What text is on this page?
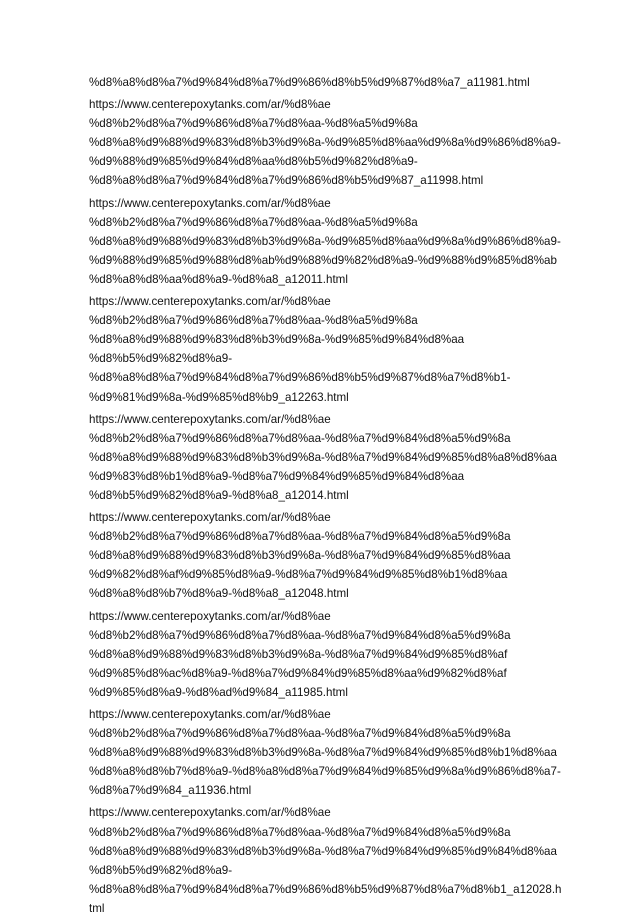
%d8%a8%d8%a7%d9%84%d8%a7%d9%86%d8%b5%d9%87%d8%a7_a11981.html
https://www.centerepoxytanks.com/ar/%d8%ae
%d8%b2%d8%a7%d9%86%d8%a7%d8%aa-%d8%a5%d9%8a
%d8%a8%d9%88%d9%83%d8%b3%d9%8a-%d9%85%d8%aa%d9%8a%d9%86%d8%a9-
%d9%88%d9%85%d9%84%d8%aa%d8%b5%d9%82%d8%a9-
%d8%a8%d8%a7%d9%84%d8%a7%d9%86%d8%b5%d9%87_a11998.html
https://www.centerepoxytanks.com/ar/%d8%ae
%d8%b2%d8%a7%d9%86%d8%a7%d8%aa-%d8%a5%d9%8a
%d8%a8%d9%88%d9%83%d8%b3%d9%8a-%d9%85%d8%aa%d9%8a%d9%86%d8%a9-
%d9%88%d9%85%d9%88%d8%ab%d9%88%d9%82%d8%a9-%d9%88%d9%85%d8%ab
%d8%a8%d8%aa%d8%a9-%d8%a8_a12011.html
https://www.centerepoxytanks.com/ar/%d8%ae
%d8%b2%d8%a7%d9%86%d8%a7%d8%aa-%d8%a5%d9%8a
%d8%a8%d9%88%d9%83%d8%b3%d9%8a-%d9%85%d9%84%d8%aa
%d8%b5%d9%82%d8%a9-
%d8%a8%d8%a7%d9%84%d8%a7%d9%86%d8%b5%d9%87%d8%a7%d8%b1-
%d9%81%d9%8a-%d9%85%d8%b9_a12263.html
https://www.centerepoxytanks.com/ar/%d8%ae
%d8%b2%d8%a7%d9%86%d8%a7%d8%aa-%d8%a7%d9%84%d8%a5%d9%8a
%d8%a8%d9%88%d9%83%d8%b3%d9%8a-%d8%a7%d9%84%d9%85%d8%a8%d8%aa
%d9%83%d8%b1%d8%a9-%d8%a7%d9%84%d9%85%d9%84%d8%aa
%d8%b5%d9%82%d8%a9-%d8%a8_a12014.html
https://www.centerepoxytanks.com/ar/%d8%ae
%d8%b2%d8%a7%d9%86%d8%a7%d8%aa-%d8%a7%d9%84%d8%a5%d9%8a
%d8%a8%d9%88%d9%83%d8%b3%d9%8a-%d8%a7%d9%84%d9%85%d8%aa
%d9%82%d8%af%d9%85%d8%a9-%d8%a7%d9%84%d9%85%d8%b1%d8%aa
%d8%a8%d8%b7%d8%a9-%d8%a8_a12048.html
https://www.centerepoxytanks.com/ar/%d8%ae
%d8%b2%d8%a7%d9%86%d8%a7%d8%aa-%d8%a7%d9%84%d8%a5%d9%8a
%d8%a8%d9%88%d9%83%d8%b3%d9%8a-%d8%a7%d9%84%d9%85%d8%af
%d9%85%d8%ac%d8%a9-%d8%a7%d9%84%d9%85%d8%aa%d9%82%d8%af
%d9%85%d8%a9-%d8%ad%d9%84_a11985.html
https://www.centerepoxytanks.com/ar/%d8%ae
%d8%b2%d8%a7%d9%86%d8%a7%d8%aa-%d8%a7%d9%84%d8%a5%d9%8a
%d8%a8%d9%88%d9%83%d8%b3%d9%8a-%d8%a7%d9%84%d9%85%d8%b1%d8%aa
%d8%a8%d8%b7%d8%a9-%d8%a8%d8%a7%d9%84%d9%85%d9%8a%d9%86%d8%a7-
%d8%a7%d9%84_a11936.html
https://www.centerepoxytanks.com/ar/%d8%ae
%d8%b2%d8%a7%d9%86%d8%a7%d8%aa-%d8%a7%d9%84%d8%a5%d9%8a
%d8%a8%d9%88%d9%83%d8%b3%d9%8a-%d8%a7%d9%84%d9%85%d9%84%d8%aa
%d8%b5%d9%82%d8%a9-
%d8%a8%d8%a7%d9%84%d8%a7%d9%86%d8%b5%d9%87%d8%a7%d8%b1_a12028.h
tml
